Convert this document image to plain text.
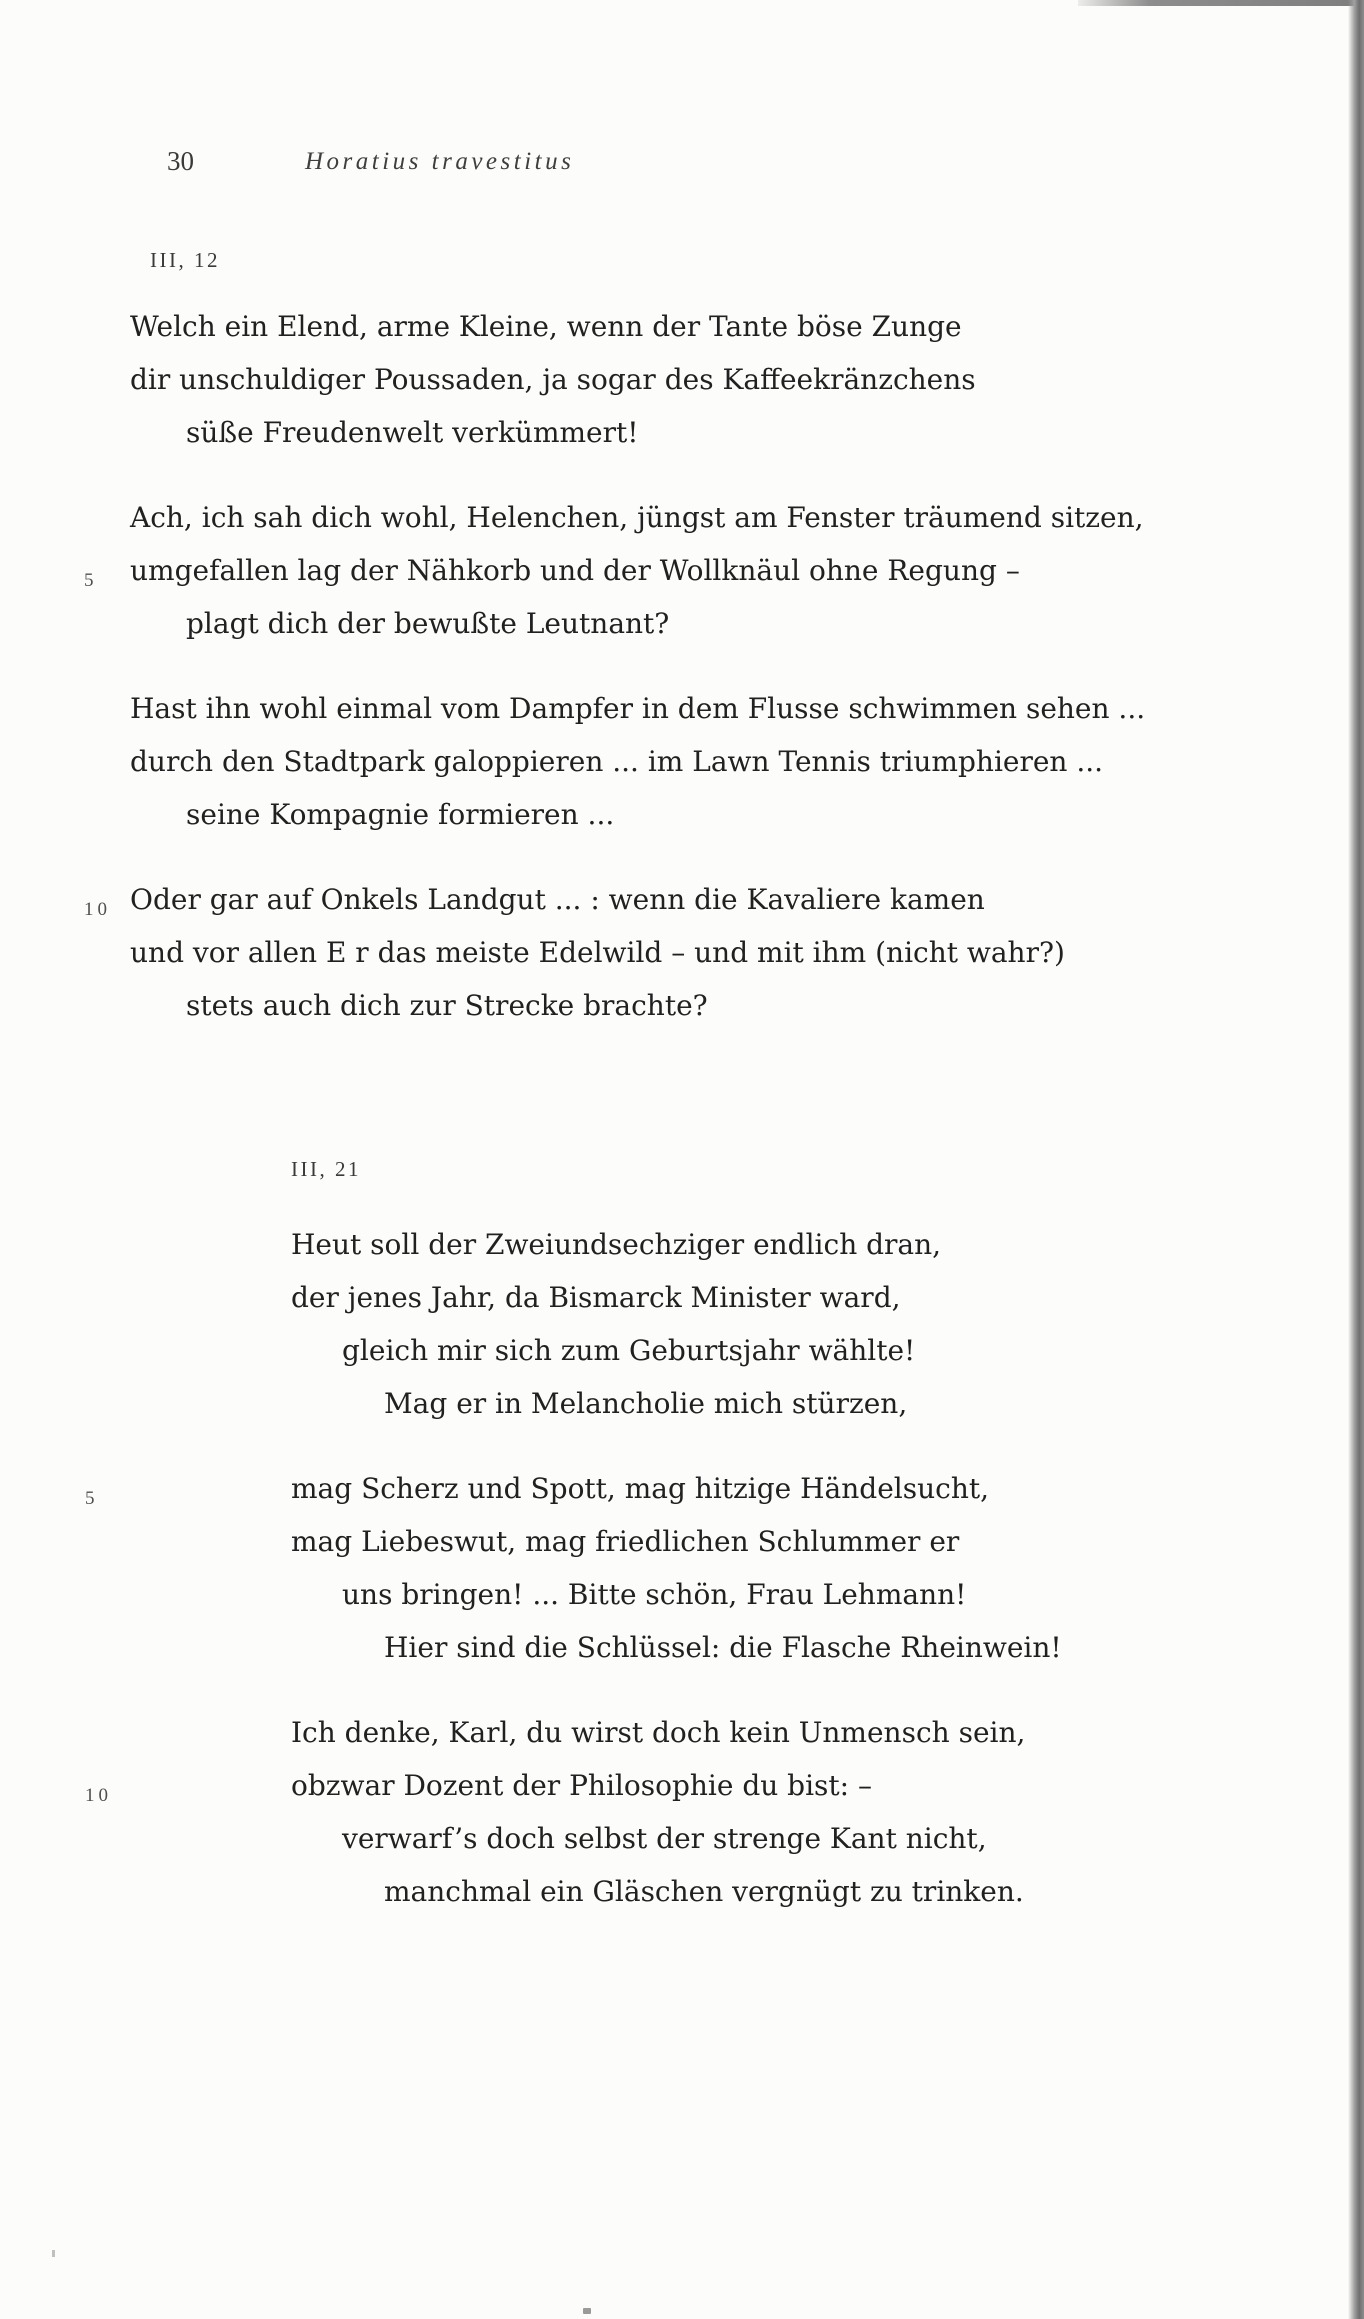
30	Horatius travestitus
III, 12
Welch ein Elend, arme Kleine, wenn der Tante böse Zunge
dir unschuldiger Poussaden, ja sogar des Kaffeekränzchens
süße Freudenwelt verkümmert!
Ach, ich sah dich wohl, Helenchen, jüngst am Fenster träumend sitzen,
5 umgefallen lag der Nähkorb und der Wollknäul ohne Regung –
plagt dich der bewußte Leutnant?
Hast ihn wohl einmal vom Dampfer in dem Flusse schwimmen sehen ...
durch den Stadtpark galoppieren ... im Lawn Tennis triumphieren ...
seine Kompagnie formieren ...
10 Oder gar auf Onkels Landgut ... : wenn die Kavaliere kamen
und vor allen E r das meiste Edelwild – und mit ihm (nicht wahr?)
stets auch dich zur Strecke brachte?
III, 21
Heut soll der Zweiundsechziger endlich dran,
der jenes Jahr, da Bismarck Minister ward,
gleich mir sich zum Geburtsjahr wählte!
Mag er in Melancholie mich stürzen,
5	mag Scherz und Spott, mag hitzige Händelsucht,
mag Liebeswut, mag friedlichen Schlummer er
uns bringen! ... Bitte schön, Frau Lehmann!
Hier sind die Schlüssel: die Flasche Rheinwein!
Ich denke, Karl, du wirst doch kein Unmensch sein,
10	obzwar Dozent der Philosophie du bist: –
verwarf’s doch selbst der strenge Kant nicht,
manchmal ein Gläschen vergnügt zu trinken.
